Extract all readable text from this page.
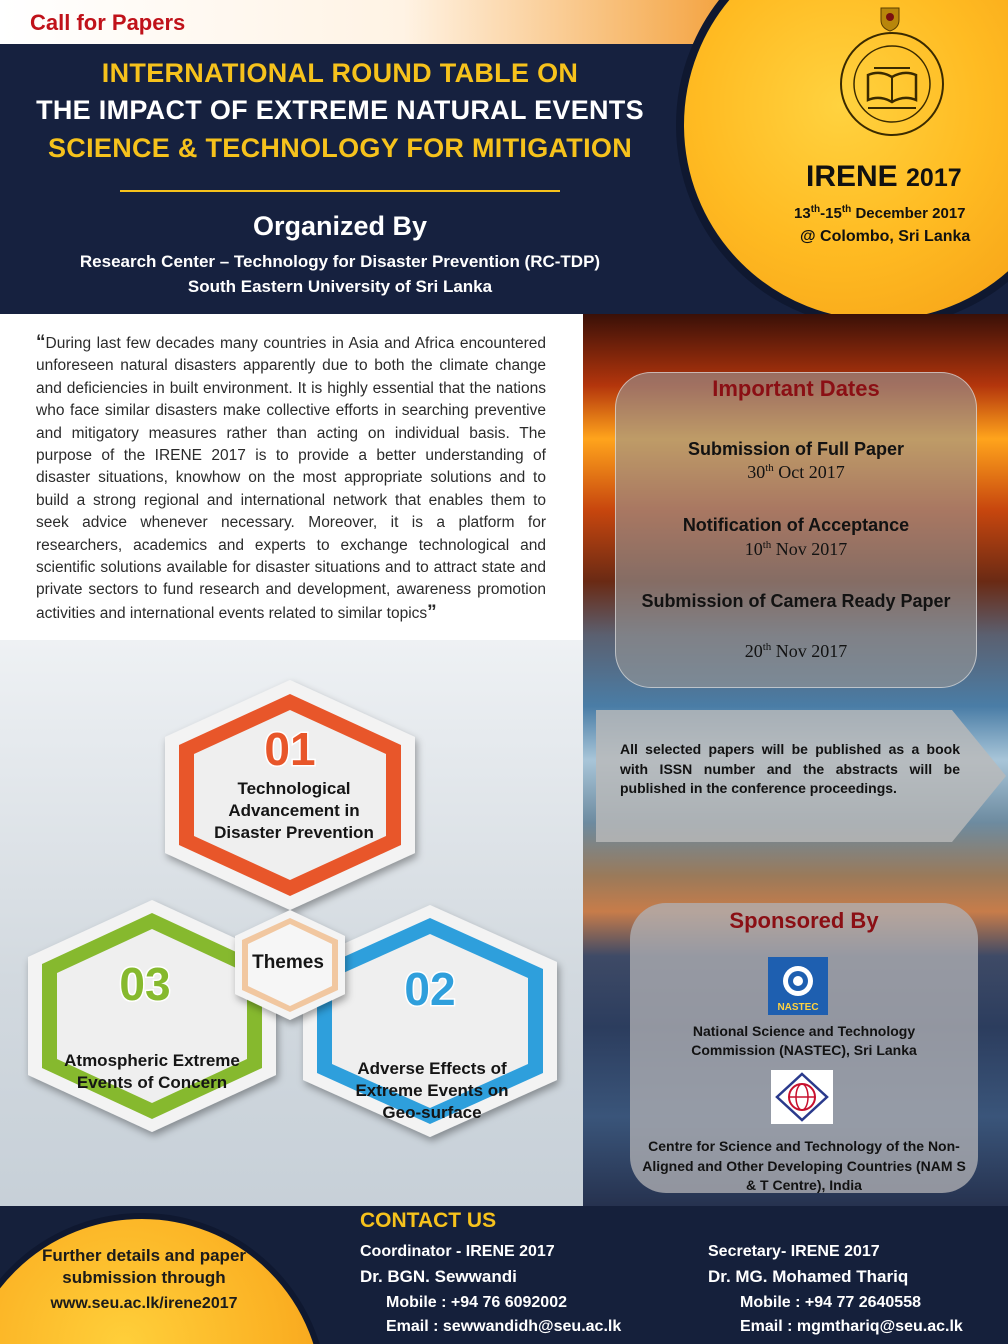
Call for Papers
INTERNATIONAL ROUND TABLE ON
THE IMPACT OF EXTREME NATURAL EVENTS
SCIENCE & TECHNOLOGY FOR MITIGATION
Organized By
Research Center – Technology for Disaster Prevention (RC-TDP)
South Eastern University of Sri Lanka
IRENE 2017
13th-15th December 2017
@ Colombo, Sri Lanka
“During last few decades many countries in Asia and Africa encountered unforeseen natural disasters apparently due to both the climate change and deficiencies in built environment. It is highly essential that the nations who face similar disasters make collective efforts in searching preventive and mitigatory measures rather than acting on individual basis. The purpose of the IRENE 2017 is to provide a better understanding of disaster situations, knowhow on the most appropriate solutions and to build a strong regional and international network that enables them to seek advice whenever necessary. Moreover, it is a platform for researchers, academics and experts to exchange technological and scientific solutions available for disaster situations and to attract state and private sectors to fund research and development, awareness promotion activities and international events related to similar topics”
01
02
03
Technological Advancement in Disaster Prevention
Adverse Effects of Extreme Events on Geo-surface
Atmospheric Extreme Events of Concern
Themes
Important Dates
Submission of Full Paper
30th Oct 2017
Notification of Acceptance
10th Nov 2017
Submission of Camera Ready Paper
20th Nov 2017
All selected papers will be published as a book with ISSN number and the abstracts will be published in the conference proceedings.
Sponsored By
NASTEC
National Science and Technology Commission (NASTEC), Sri Lanka
Centre for Science and Technology of the Non-Aligned and Other Developing Countries (NAM S & T Centre), India
Further details and paper submission through
www.seu.ac.lk/irene2017
CONTACT US
Coordinator - IRENE 2017
Dr. BGN. Sewwandi
Mobile : +94 76 6092002
Email : sewwandidh@seu.ac.lk
Secretary- IRENE 2017
Dr. MG. Mohamed Thariq
Mobile : +94 77 2640558
Email : mgmthariq@seu.ac.lk
